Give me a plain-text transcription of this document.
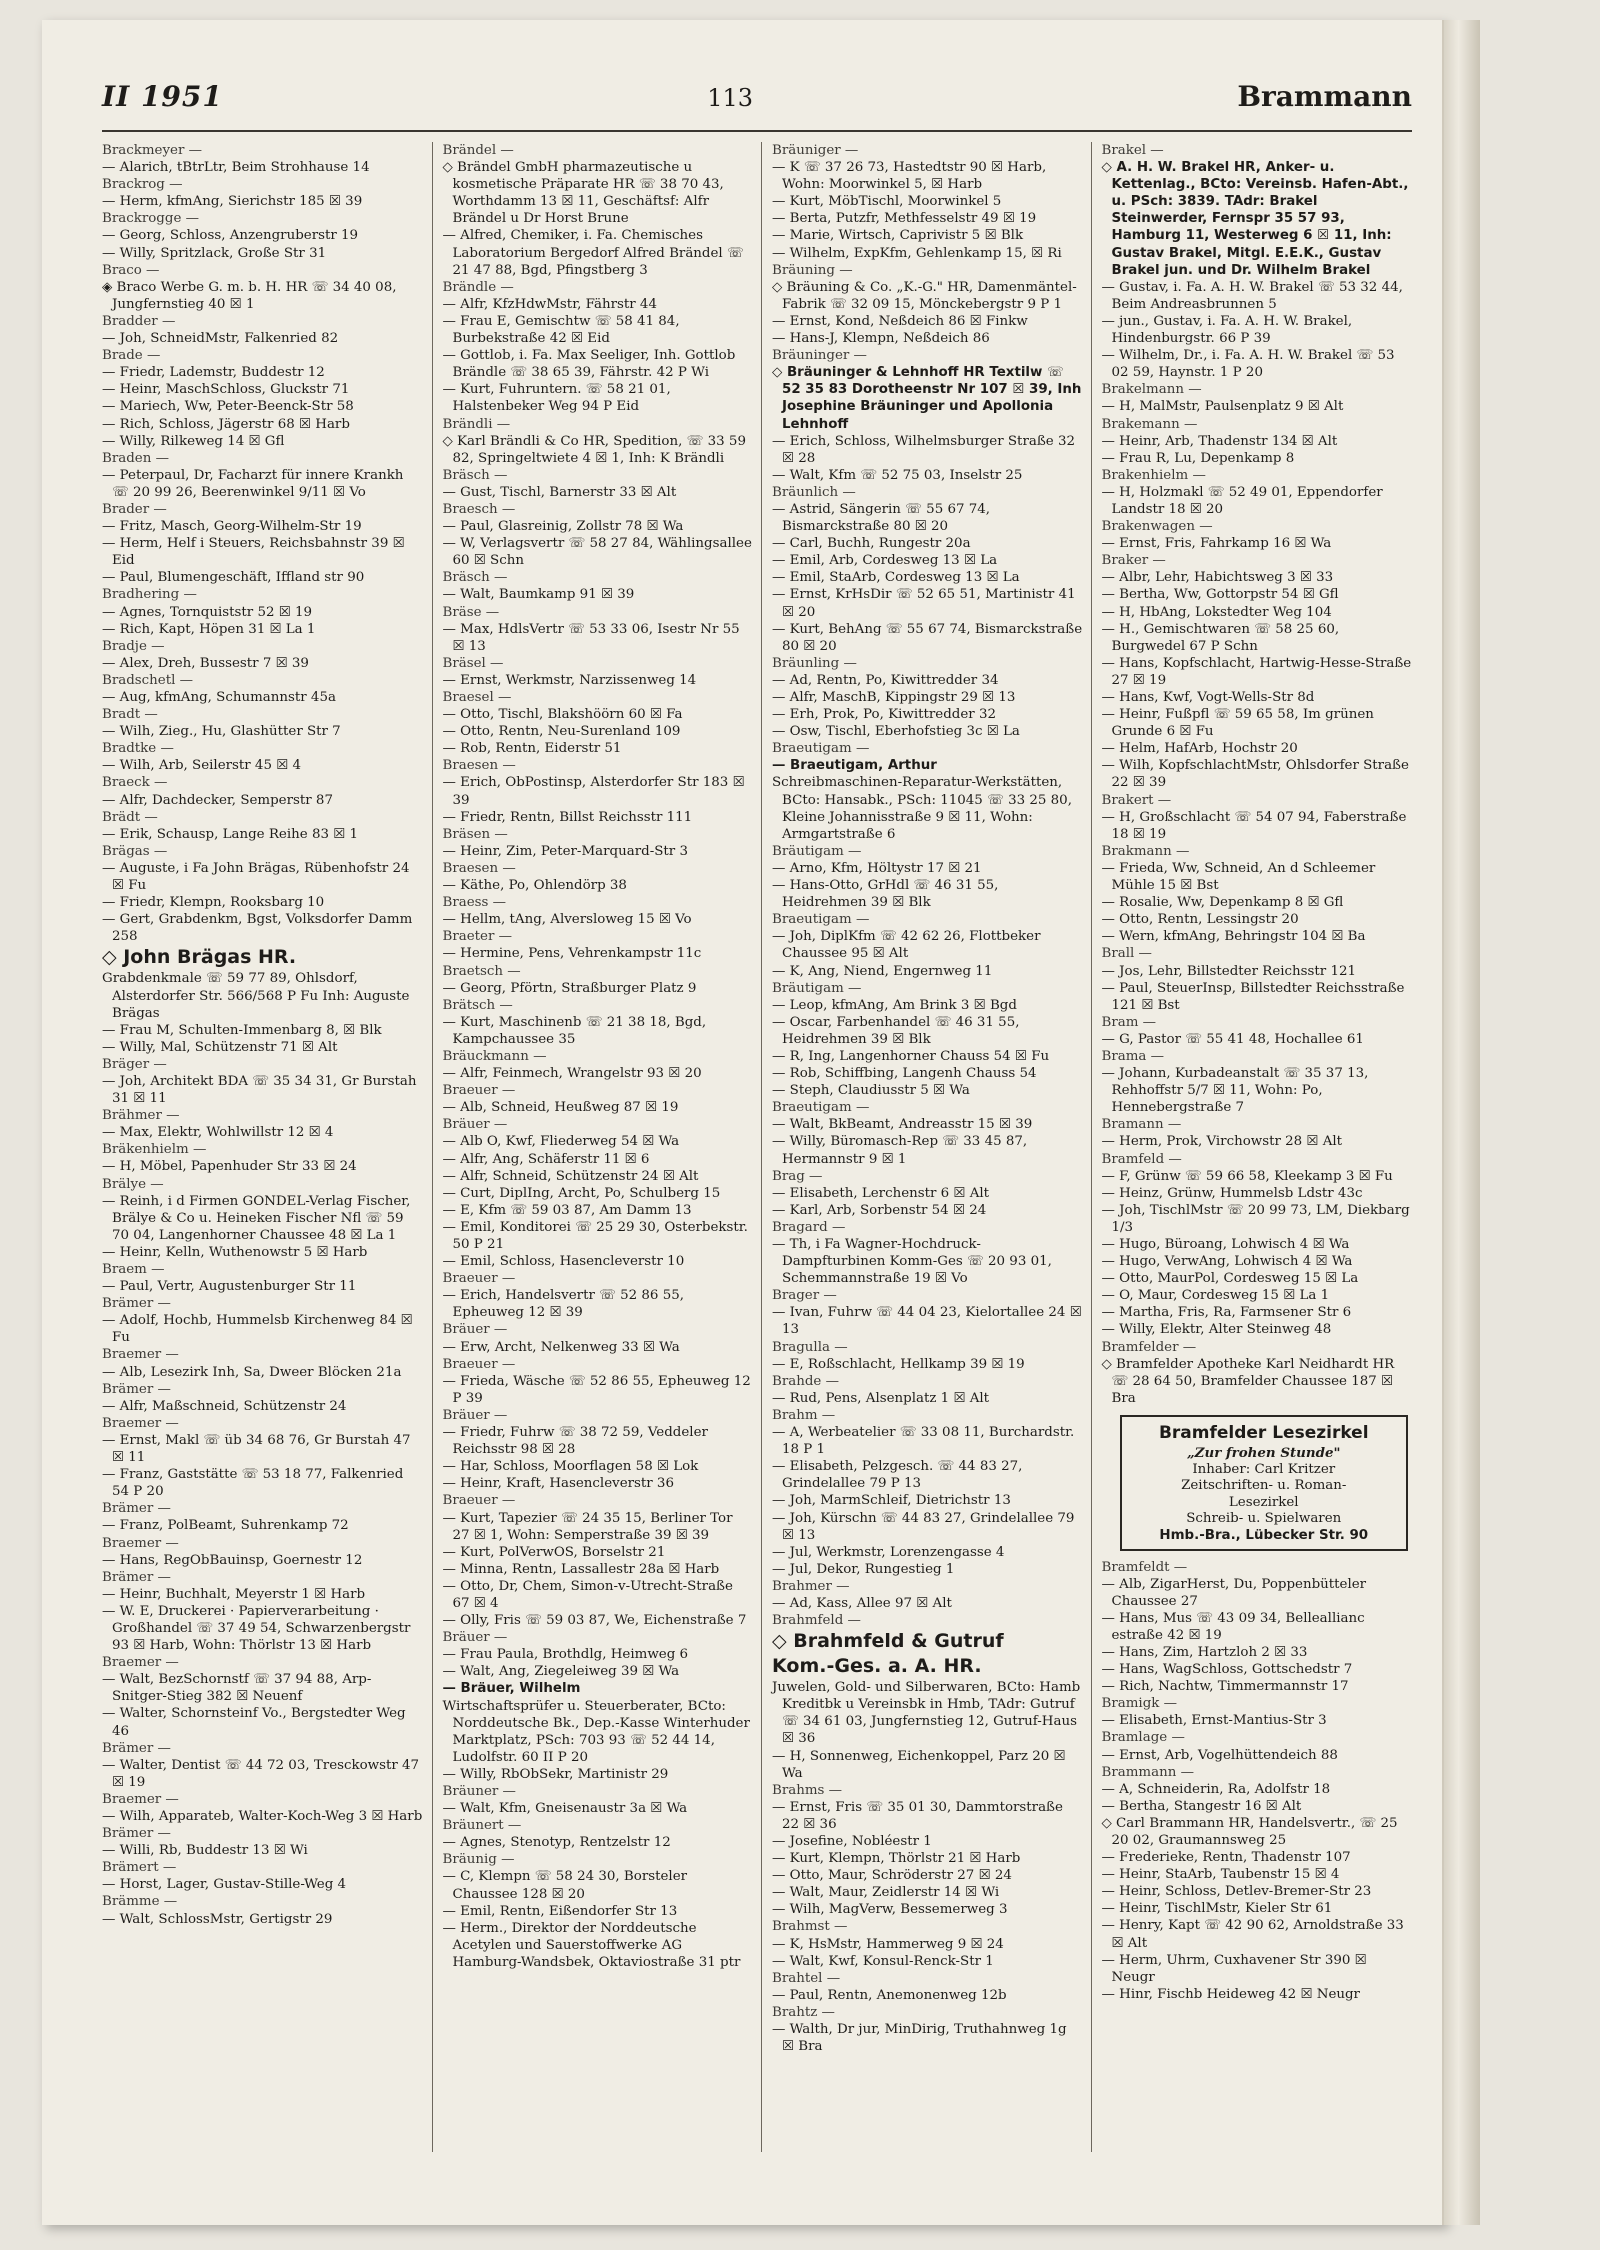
II 1951	113	Brammann
Brackmeyer —
— Alarich, tBtrLtr, Beim Strohhause 14
Brackrog —
— Herm, kfmAng, Sierichstr 185 ☒ 39
Brackrogge —
— Georg, Schloss, Anzengruberstr 19
— Willy, Spritzlack, Große Str 31
Braco —
◈ Braco Werbe G. m. b. H. HR ☏ 34 40 08, Jungfernstieg 40 ☒ 1
Bradder —
— Joh, SchneidMstr, Falkenried 82
Brade —
— Friedr, Lademstr, Buddestr 12
— Heinr, MaschSchloss, Gluckstr 71
— Mariech, Ww, Peter-Beenck-Str 58
— Rich, Schloss, Jägerstr 68 ☒ Harb
— Willy, Rilkeweg 14 ☒ Gfl
Braden —
— Peterpaul, Dr, Facharzt für innere Krankh ☏ 20 99 26, Beerenwinkel 9/11 ☒ Vo
Brader —
— Fritz, Masch, Georg-Wilhelm-Str 19
— Herm, Helf i Steuers, Reichsbahnstr 39 ☒ Eid
— Paul, Blumengeschäft, Iffland str 90
Bradhering —
— Agnes, Tornquiststr 52 ☒ 19
— Rich, Kapt, Höpen 31 ☒ La 1
Bradje —
— Alex, Dreh, Bussestr 7 ☒ 39
Bradschetl —
— Aug, kfmAng, Schumannstr 45a
Bradt —
— Wilh, Zieg., Hu, Glashütter Str 7
Bradtke —
— Wilh, Arb, Seilerstr 45 ☒ 4
Braeck —
— Alfr, Dachdecker, Semperstr 87
Brädt —
— Erik, Schausp, Lange Reihe 83 ☒ 1
Brägas —
— Auguste, i Fa John Brägas, Rübenhofstr 24 ☒ Fu
— Friedr, Klempn, Rooksbarg 10
— Gert, Grabdenkm, Bgst, Volksdorfer Damm 258
◇ John Brägas HR.
Grabdenkmale ☏ 59 77 89, Ohlsdorf, Alsterdorfer Str. 566/568 P Fu Inh: Auguste Brägas
— Frau M, Schulten-Immenbarg 8, ☒ Blk
— Willy, Mal, Schützenstr 71 ☒ Alt
Bräger —
— Joh, Architekt BDA ☏ 35 34 31, Gr Burstah 31 ☒ 11
Brähmer —
— Max, Elektr, Wohlwillstr 12 ☒ 4
Bräkenhielm —
— H, Möbel, Papenhuder Str 33 ☒ 24
Brälye —
— Reinh, i d Firmen GONDEL-Verlag Fischer, Brälye & Co u. Heineken Fischer Nfl ☏ 59 70 04, Langenhorner Chaussee 48 ☒ La 1
— Heinr, Kelln, Wuthenowstr 5 ☒ Harb
Braem —
— Paul, Vertr, Augustenburger Str 11
Brämer —
— Adolf, Hochb, Hummelsb Kirchenweg 84 ☒ Fu
Braemer —
— Alb, Lesezirk Inh, Sa, Dweer Blöcken 21a
Brämer —
— Alfr, Maßschneid, Schützenstr 24
Braemer —
— Ernst, Makl ☏ üb 34 68 76, Gr Burstah 47 ☒ 11
— Franz, Gaststätte ☏ 53 18 77, Falkenried 54 P 20
Brämer —
— Franz, PolBeamt, Suhrenkamp 72
Braemer —
— Hans, RegObBauinsp, Goernestr 12
Brämer —
— Heinr, Buchhalt, Meyerstr 1 ☒ Harb
— W. E, Druckerei · Papierverarbeitung · Großhandel ☏ 37 49 54, Schwarzenbergstr 93 ☒ Harb, Wohn: Thörlstr 13 ☒ Harb
Braemer —
— Walt, BezSchornstf ☏ 37 94 88, Arp-Snitger-Stieg 382 ☒ Neuenf
— Walter, Schornsteinf Vo., Bergstedter Weg 46
Brämer —
— Walter, Dentist ☏ 44 72 03, Tresckowstr 47 ☒ 19
Braemer —
— Wilh, Apparateb, Walter-Koch-Weg 3 ☒ Harb
Brämer —
— Willi, Rb, Buddestr 13 ☒ Wi
Brämert —
— Horst, Lager, Gustav-Stille-Weg 4
Brämme —
— Walt, SchlossMstr, Gertigstr 29
Brändel —
◇ Brändel GmbH pharmazeutische u kosmetische Präparate HR ☏ 38 70 43, Worthdamm 13 ☒ 11, Geschäftsf: Alfr Brändel u Dr Horst Brune
— Alfred, Chemiker, i. Fa. Chemisches Laboratorium Bergedorf Alfred Brändel ☏ 21 47 88, Bgd, Pfingstberg 3
Brändle —
— Alfr, KfzHdwMstr, Fährstr 44
— Frau E, Gemischtw ☏ 58 41 84, Burbekstraße 42 ☒ Eid
— Gottlob, i. Fa. Max Seeliger, Inh. Gottlob Brändle ☏ 38 65 39, Fährstr. 42 P Wi
— Kurt, Fuhruntern. ☏ 58 21 01, Halstenbeker Weg 94 P Eid
Brändli —
◇ Karl Brändli & Co HR, Spedition, ☏ 33 59 82, Springeltwiete 4 ☒ 1, Inh: K Brändli
Bräsch —
— Gust, Tischl, Barnerstr 33 ☒ Alt
Braesch —
— Paul, Glasreinig, Zollstr 78 ☒ Wa
— W, Verlagsvertr ☏ 58 27 84, Wählingsallee 60 ☒ Schn
Bräsch —
— Walt, Baumkamp 91 ☒ 39
Bräse —
— Max, HdlsVertr ☏ 53 33 06, Isestr Nr 55 ☒ 13
Bräsel —
— Ernst, Werkmstr, Narzissenweg 14
Braesel —
— Otto, Tischl, Blakshöörn 60 ☒ Fa
— Otto, Rentn, Neu-Surenland 109
— Rob, Rentn, Eiderstr 51
Braesen —
— Erich, ObPostinsp, Alsterdorfer Str 183 ☒ 39
— Friedr, Rentn, Billst Reichsstr 111
Bräsen —
— Heinr, Zim, Peter-Marquard-Str 3
Braesen —
— Käthe, Po, Ohlendörp 38
Braess —
— Hellm, tAng, Alversloweg 15 ☒ Vo
Braeter —
— Hermine, Pens, Vehrenkampstr 11c
Braetsch —
— Georg, Pförtn, Straßburger Platz 9
Brätsch —
— Kurt, Maschinenb ☏ 21 38 18, Bgd, Kampchaussee 35
Bräuckmann —
— Alfr, Feinmech, Wrangelstr 93 ☒ 20
Braeuer —
— Alb, Schneid, Heußweg 87 ☒ 19
Bräuer —
— Alb O, Kwf, Fliederweg 54 ☒ Wa
— Alfr, Ang, Schäferstr 11 ☒ 6
— Alfr, Schneid, Schützenstr 24 ☒ Alt
— Curt, DiplIng, Archt, Po, Schulberg 15
— E, Kfm ☏ 59 03 87, Am Damm 13
— Emil, Konditorei ☏ 25 29 30, Osterbekstr. 50 P 21
— Emil, Schloss, Hasencleverstr 10
Braeuer —
— Erich, Handelsvertr ☏ 52 86 55, Epheuweg 12 ☒ 39
Bräuer —
— Erw, Archt, Nelkenweg 33 ☒ Wa
Braeuer —
— Frieda, Wäsche ☏ 52 86 55, Epheuweg 12 P 39
Bräuer —
— Friedr, Fuhrw ☏ 38 72 59, Veddeler Reichsstr 98 ☒ 28
— Har, Schloss, Moorflagen 58 ☒ Lok
— Heinr, Kraft, Hasencleverstr 36
Braeuer —
— Kurt, Tapezier ☏ 24 35 15, Berliner Tor 27 ☒ 1, Wohn: Semperstraße 39 ☒ 39
— Kurt, PolVerwOS, Borselstr 21
— Minna, Rentn, Lassallestr 28a ☒ Harb
— Otto, Dr, Chem, Simon-v-Utrecht-Straße 67 ☒ 4
— Olly, Fris ☏ 59 03 87, We, Eichenstraße 7
Bräuer —
— Frau Paula, Brothdlg, Heimweg 6
— Walt, Ang, Ziegeleiweg 39 ☒ Wa
— Bräuer, Wilhelm
Wirtschaftsprüfer u. Steuerberater, BCto: Norddeutsche Bk., Dep.-Kasse Winterhuder Marktplatz, PSch: 703 93 ☏ 52 44 14, Ludolfstr. 60 II P 20
— Willy, RbObSekr, Martinistr 29
Bräuner —
— Walt, Kfm, Gneisenaustr 3a ☒ Wa
Bräunert —
— Agnes, Stenotyp, Rentzelstr 12
Bräunig —
— C, Klempn ☏ 58 24 30, Borsteler Chaussee 128 ☒ 20
— Emil, Rentn, Eißendorfer Str 13
— Herm., Direktor der Norddeutsche Acetylen und Sauerstoffwerke AG Hamburg-Wandsbek, Oktaviostraße 31 ptr
Bräuniger —
— K ☏ 37 26 73, Hastedtstr 90 ☒ Harb, Wohn: Moorwinkel 5, ☒ Harb
— Kurt, MöbTischl, Moorwinkel 5
— Berta, Putzfr, Methfesselstr 49 ☒ 19
— Marie, Wirtsch, Caprivistr 5 ☒ Blk
— Wilhelm, ExpKfm, Gehlenkamp 15, ☒ Ri
Bräuning —
◇ Bräuning & Co. „K.-G." HR, Damenmäntel-Fabrik ☏ 32 09 15, Mönckebergstr 9 P 1
— Ernst, Kond, Neßdeich 86 ☒ Finkw
— Hans-J, Klempn, Neßdeich 86
Bräuninger —
◇ Bräuninger & Lehnhoff HR Textilw ☏ 52 35 83 Dorotheenstr Nr 107 ☒ 39, Inh Josephine Bräuninger und Apollonia Lehnhoff
— Erich, Schloss, Wilhelmsburger Straße 32 ☒ 28
— Walt, Kfm ☏ 52 75 03, Inselstr 25
Bräunlich —
— Astrid, Sängerin ☏ 55 67 74, Bismarckstraße 80 ☒ 20
— Carl, Buchh, Rungestr 20a
— Emil, Arb, Cordesweg 13 ☒ La
— Emil, StaArb, Cordesweg 13 ☒ La
— Ernst, KrHsDir ☏ 52 65 51, Martinistr 41 ☒ 20
— Kurt, BehAng ☏ 55 67 74, Bismarckstraße 80 ☒ 20
Bräunling —
— Ad, Rentn, Po, Kiwittredder 34
— Alfr, MaschB, Kippingstr 29 ☒ 13
— Erh, Prok, Po, Kiwittredder 32
— Osw, Tischl, Eberhofstieg 3c ☒ La
Braeutigam —
— Braeutigam, Arthur
Schreibmaschinen-Reparatur-Werkstätten, BCto: Hansabk., PSch: 11045 ☏ 33 25 80, Kleine Johannisstraße 9 ☒ 11, Wohn: Armgartstraße 6
Bräutigam —
— Arno, Kfm, Höltystr 17 ☒ 21
— Hans-Otto, GrHdl ☏ 46 31 55, Heidrehmen 39 ☒ Blk
Braeutigam —
— Joh, DiplKfm ☏ 42 62 26, Flottbeker Chaussee 95 ☒ Alt
— K, Ang, Niend, Engernweg 11
Bräutigam —
— Leop, kfmAng, Am Brink 3 ☒ Bgd
— Oscar, Farbenhandel ☏ 46 31 55, Heidrehmen 39 ☒ Blk
— R, Ing, Langenhorner Chauss 54 ☒ Fu
— Rob, Schiffbing, Langenh Chauss 54
— Steph, Claudiusstr 5 ☒ Wa
Braeutigam —
— Walt, BkBeamt, Andreasstr 15 ☒ 39
— Willy, Büromasch-Rep ☏ 33 45 87, Hermannstr 9 ☒ 1
Brag —
— Elisabeth, Lerchenstr 6 ☒ Alt
— Karl, Arb, Sorbenstr 54 ☒ 24
Bragard —
— Th, i Fa Wagner-Hochdruck-Dampfturbinen Komm-Ges ☏ 20 93 01, Schemmannstraße 19 ☒ Vo
Brager —
— Ivan, Fuhrw ☏ 44 04 23, Kielortallee 24 ☒ 13
Bragulla —
— E, Roßschlacht, Hellkamp 39 ☒ 19
Brahde —
— Rud, Pens, Alsenplatz 1 ☒ Alt
Brahm —
— A, Werbeatelier ☏ 33 08 11, Burchardstr. 18 P 1
— Elisabeth, Pelzgesch. ☏ 44 83 27, Grindelallee 79 P 13
— Joh, MarmSchleif, Dietrichstr 13
— Joh, Kürschn ☏ 44 83 27, Grindelallee 79 ☒ 13
— Jul, Werkmstr, Lorenzengasse 4
— Jul, Dekor, Rungestieg 1
Brahmer —
— Ad, Kass, Allee 97 ☒ Alt
Brahmfeld —
◇ Brahmfeld & Gutruf
Kom.-Ges. a. A. HR.
Juwelen, Gold- und Silberwaren, BCto: Hamb Kreditbk u Vereinsbk in Hmb, TAdr: Gutruf ☏ 34 61 03, Jungfernstieg 12, Gutruf-Haus ☒ 36
— H, Sonnenweg, Eichenkoppel, Parz 20 ☒ Wa
Brahms —
— Ernst, Fris ☏ 35 01 30, Dammtorstraße 22 ☒ 36
— Josefine, Nobléestr 1
— Kurt, Klempn, Thörlstr 21 ☒ Harb
— Otto, Maur, Schröderstr 27 ☒ 24
— Walt, Maur, Zeidlerstr 14 ☒ Wi
— Wilh, MagVerw, Bessemerweg 3
Brahmst —
— K, HsMstr, Hammerweg 9 ☒ 24
— Walt, Kwf, Konsul-Renck-Str 1
Brahtel —
— Paul, Rentn, Anemonenweg 12b
Brahtz —
— Walth, Dr jur, MinDirig, Truthahnweg 1g ☒ Bra
Brakel —
◇ A. H. W. Brakel HR, Anker- u. Kettenlag., BCto: Vereinsb. Hafen-Abt., u. PSch: 3839. TAdr: Brakel Steinwerder, Fernspr 35 57 93, Hamburg 11, Westerweg 6 ☒ 11, Inh: Gustav Brakel, Mitgl. E.E.K., Gustav Brakel jun. und Dr. Wilhelm Brakel
— Gustav, i. Fa. A. H. W. Brakel ☏ 53 32 44, Beim Andreasbrunnen 5
— jun., Gustav, i. Fa. A. H. W. Brakel, Hindenburgstr. 66 P 39
— Wilhelm, Dr., i. Fa. A. H. W. Brakel ☏ 53 02 59, Haynstr. 1 P 20
Brakelmann —
— H, MalMstr, Paulsenplatz 9 ☒ Alt
Brakemann —
— Heinr, Arb, Thadenstr 134 ☒ Alt
— Frau R, Lu, Depenkamp 8
Brakenhielm —
— H, Holzmakl ☏ 52 49 01, Eppendorfer Landstr 18 ☒ 20
Brakenwagen —
— Ernst, Fris, Fahrkamp 16 ☒ Wa
Braker —
— Albr, Lehr, Habichtsweg 3 ☒ 33
— Bertha, Ww, Gottorpstr 54 ☒ Gfl
— H, HbAng, Lokstedter Weg 104
— H., Gemischtwaren ☏ 58 25 60, Burgwedel 67 P Schn
— Hans, Kopfschlacht, Hartwig-Hesse-Straße 27 ☒ 19
— Hans, Kwf, Vogt-Wells-Str 8d
— Heinr, Fußpfl ☏ 59 65 58, Im grünen Grunde 6 ☒ Fu
— Helm, HafArb, Hochstr 20
— Wilh, KopfschlachtMstr, Ohlsdorfer Straße 22 ☒ 39
Brakert —
— H, Großschlacht ☏ 54 07 94, Faberstraße 18 ☒ 19
Brakmann —
— Frieda, Ww, Schneid, An d Schleemer Mühle 15 ☒ Bst
— Rosalie, Ww, Depenkamp 8 ☒ Gfl
— Otto, Rentn, Lessingstr 20
— Wern, kfmAng, Behringstr 104 ☒ Ba
Brall —
— Jos, Lehr, Billstedter Reichsstr 121
— Paul, SteuerInsp, Billstedter Reichsstraße 121 ☒ Bst
Bram —
— G, Pastor ☏ 55 41 48, Hochallee 61
Brama —
— Johann, Kurbadeanstalt ☏ 35 37 13, Rehhoffstr 5/7 ☒ 11, Wohn: Po, Hennebergstraße 7
Bramann —
— Herm, Prok, Virchowstr 28 ☒ Alt
Bramfeld —
— F, Grünw ☏ 59 66 58, Kleekamp 3 ☒ Fu
— Heinz, Grünw, Hummelsb Ldstr 43c
— Joh, TischlMstr ☏ 20 99 73, LM, Diekbarg 1/3
— Hugo, Büroang, Lohwisch 4 ☒ Wa
— Hugo, VerwAng, Lohwisch 4 ☒ Wa
— Otto, MaurPol, Cordesweg 15 ☒ La
— O, Maur, Cordesweg 15 ☒ La 1
— Martha, Fris, Ra, Farmsener Str 6
— Willy, Elektr, Alter Steinweg 48
Bramfelder —
◇ Bramfelder Apotheke Karl Neidhardt HR ☏ 28 64 50, Bramfelder Chaussee 187 ☒ Bra
Bramfelder Lesezirkel
„Zur frohen Stunde"
Inhaber: Carl Kritzer
Zeitschriften- u. Roman-
Lesezirkel
Schreib- u. Spielwaren
Hmb.-Bra., Lübecker Str. 90
Bramfeldt —
— Alb, ZigarHerst, Du, Poppenbütteler Chaussee 27
— Hans, Mus ☏ 43 09 34, Belleallianc estraße 42 ☒ 19
— Hans, Zim, Hartzloh 2 ☒ 33
— Hans, WagSchloss, Gottschedstr 7
— Rich, Nachtw, Timmermannstr 17
Bramigk —
— Elisabeth, Ernst-Mantius-Str 3
Bramlage —
— Ernst, Arb, Vogelhüttendeich 88
Brammann —
— A, Schneiderin, Ra, Adolfstr 18
— Bertha, Stangestr 16 ☒ Alt
◇ Carl Brammann HR, Handelsvertr., ☏ 25 20 02, Graumannsweg 25
— Frederieke, Rentn, Thadenstr 107
— Heinr, StaArb, Taubenstr 15 ☒ 4
— Heinr, Schloss, Detlev-Bremer-Str 23
— Heinr, TischlMstr, Kieler Str 61
— Henry, Kapt ☏ 42 90 62, Arnoldstraße 33 ☒ Alt
— Herm, Uhrm, Cuxhavener Str 390 ☒ Neugr
— Hinr, Fischb Heideweg 42 ☒ Neugr
